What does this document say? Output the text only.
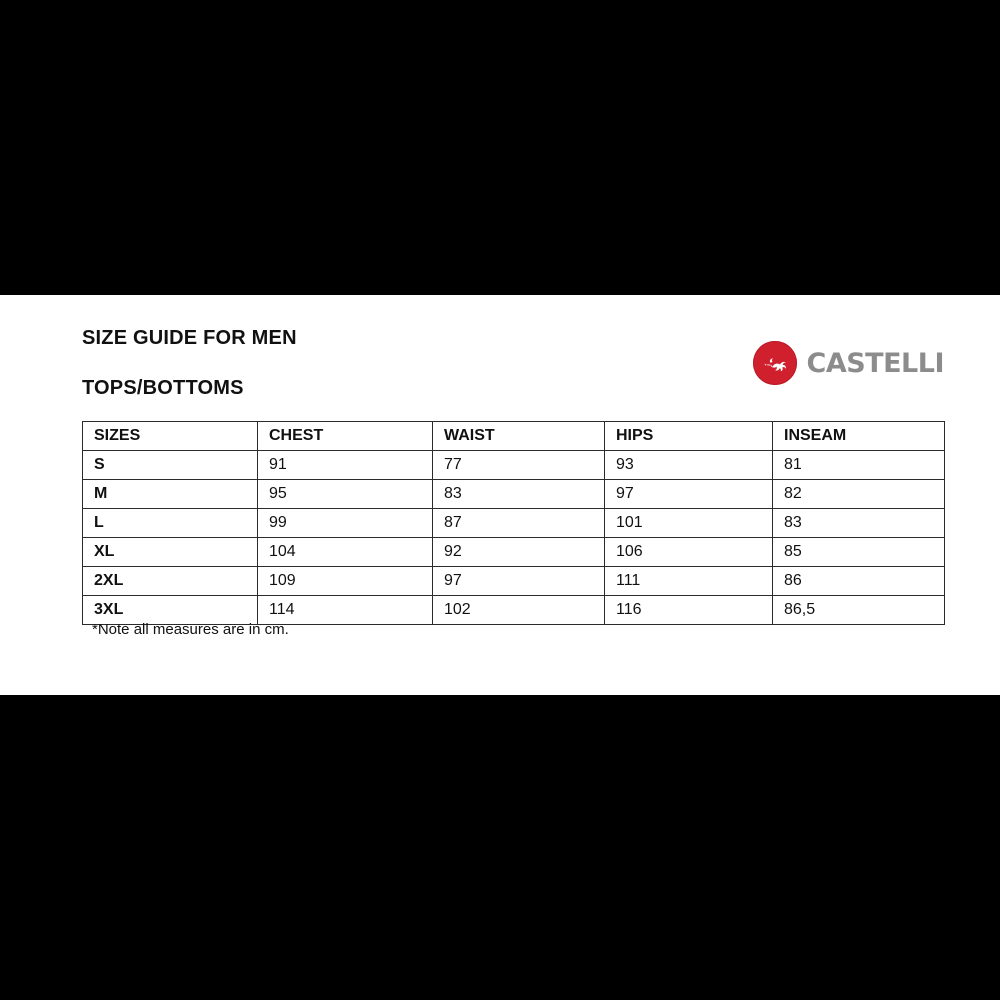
SIZE GUIDE FOR MEN
TOPS/BOTTOMS
CASTELLI
SIZES	CHEST	WAIST	HIPS	INSEAM
S	91	77	93	81
M	95	83	97	82
L	99	87	101	83
XL	104	92	106	85
2XL	109	97	111	86
3XL	114	102	116	86,5
*Note all measures are in cm.
